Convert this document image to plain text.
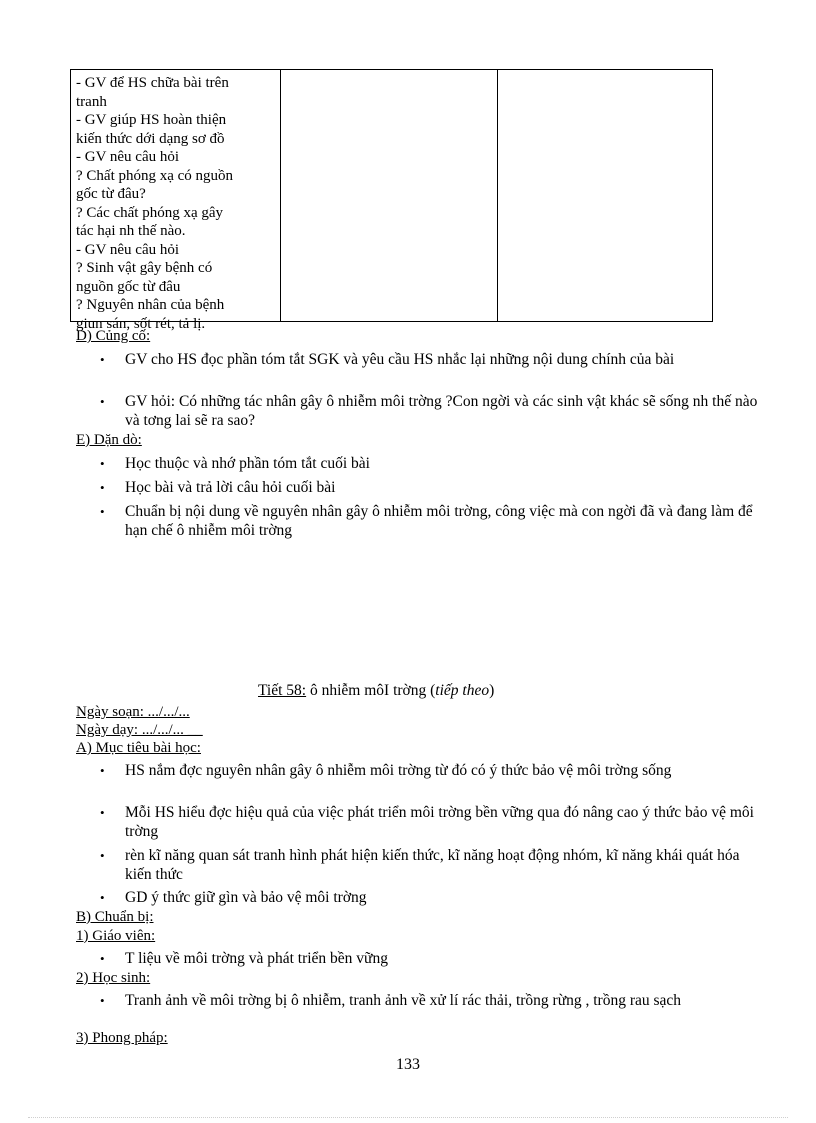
- GV để HS chữa bài trên
tranh
- GV giúp HS hoàn thiện
kiến thức dới dạng sơ đồ
- GV nêu câu hỏi
? Chất phóng xạ có nguồn
gốc từ đâu?
? Các chất phóng xạ gây
tác hại nh thế nào.
- GV nêu câu hỏi
? Sinh vật gây bệnh có
nguồn gốc từ đâu
? Nguyên nhân của bệnh
giun sán, sốt rét, tả lị.
D) Củng cố:
• GV cho HS đọc phần tóm tắt SGK và yêu cầu HS nhắc lại những nội dung chính của bài
• GV hỏi: Có những tác nhân gây ô nhiễm môi trờng ?Con ngời và các sinh vật khác sẽ sống nh thế nào và tơng lai sẽ ra sao?
E) Dặn dò:
• Học thuộc và nhớ phần tóm tắt cuối bài
• Học bài và trả lời câu hỏi cuối bài
• Chuẩn bị nội dung về nguyên nhân gây ô nhiễm môi trờng, công việc mà con ngời đã và đang làm để hạn chế ô nhiễm môi trờng
Tiết 58: ô nhiễm môI trờng (tiếp theo)
Ngày soạn: .../.../...
Ngày dạy: .../.../... __
A) Mục tiêu bài học:
• HS nắm đợc nguyên nhân gây ô nhiễm môi trờng từ đó có ý thức bảo vệ môi trờng sống
• Mỗi HS hiểu đợc hiệu quả của việc phát triển môi trờng bền vững qua đó nâng cao ý thức bảo vệ môi trờng
• rèn kĩ năng quan sát tranh hình phát hiện kiến thức, kĩ năng hoạt động nhóm, kĩ năng khái quát hóa kiến thức
• GD ý thức giữ gìn và bảo vệ môi trờng
B) Chuẩn bị:
1) Giáo viên:
• T liệu về môi trờng và phát triển bền vững
2) Học sinh:
• Tranh ảnh về môi trờng bị ô nhiễm, tranh ảnh về xử lí rác thải, trồng rừng , trồng rau sạch
3) Phong pháp:
133
